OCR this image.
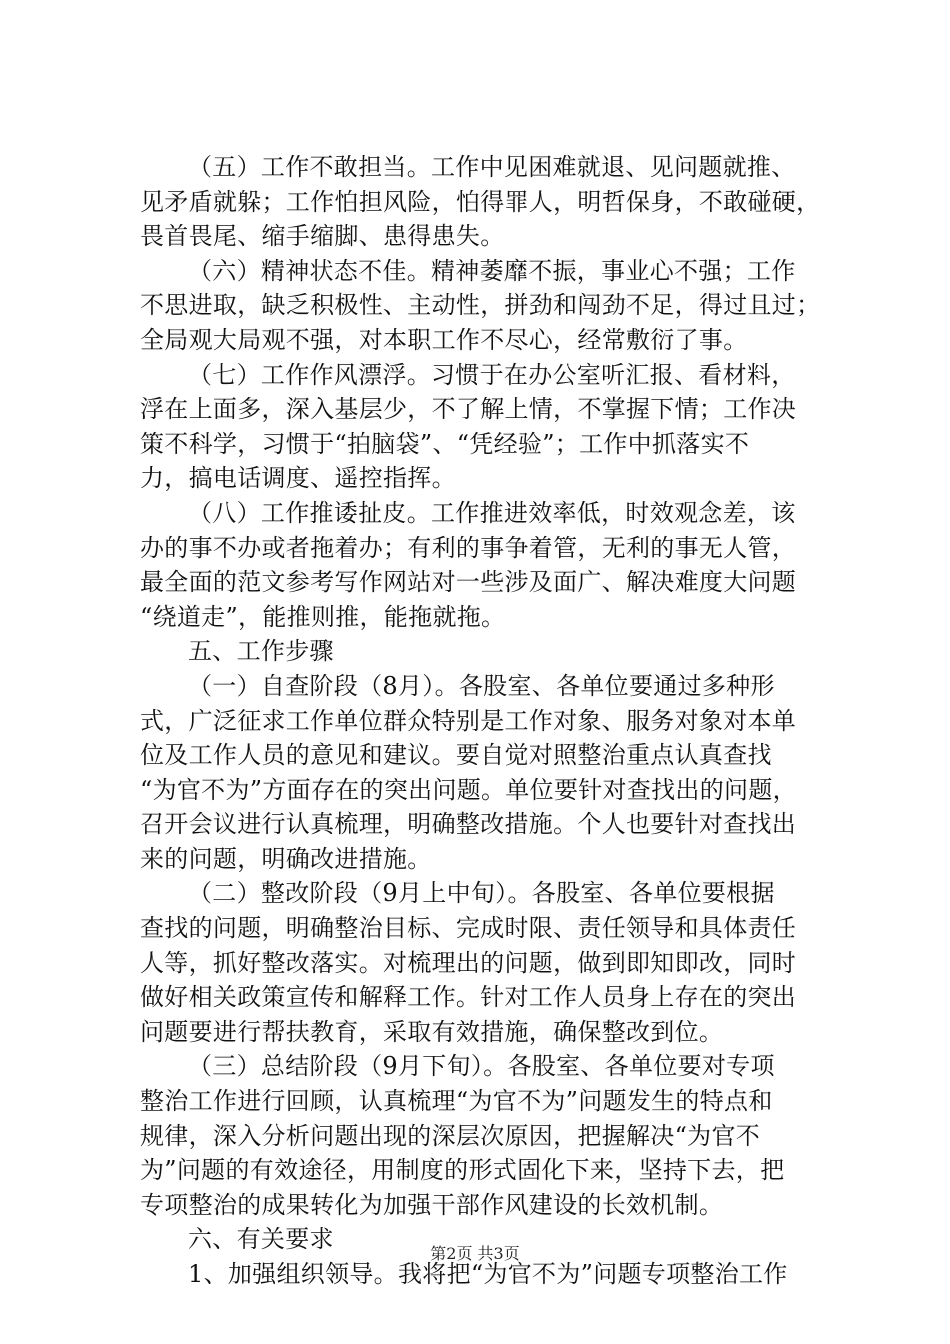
（五）工作不敢担当。工作中见困难就退、见问题就推、
见矛盾就躲；工作怕担风险，怕得罪人，明哲保身，不敢碰硬，
畏首畏尾、缩手缩脚、患得患失。
（六）精神状态不佳。精神萎靡不振，事业心不强；工作
不思进取，缺乏积极性、主动性，拼劲和闯劲不足，得过且过；
全局观大局观不强，对本职工作不尽心，经常敷衍了事。
（七）工作作风漂浮。习惯于在办公室听汇报、看材料，
浮在上面多，深入基层少，不了解上情，不掌握下情；工作决
策不科学，习惯于“拍脑袋”、“凭经验”；工作中抓落实不
力，搞电话调度、遥控指挥。
（八）工作推诿扯皮。工作推进效率低，时效观念差，该
办的事不办或者拖着办；有利的事争着管，无利的事无人管，
最全面的范文参考写作网站对一些涉及面广、解决难度大问题
“绕道走”，能推则推，能拖就拖。
五、工作步骤
（一）自查阶段（8月）。各股室、各单位要通过多种形
式，广泛征求工作单位群众特别是工作对象、服务对象对本单
位及工作人员的意见和建议。要自觉对照整治重点认真查找
“为官不为”方面存在的突出问题。单位要针对查找出的问题，
召开会议进行认真梳理，明确整改措施。个人也要针对查找出
来的问题，明确改进措施。
（二）整改阶段（9月上中旬）。各股室、各单位要根据
查找的问题，明确整治目标、完成时限、责任领导和具体责任
人等，抓好整改落实。对梳理出的问题，做到即知即改，同时
做好相关政策宣传和解释工作。针对工作人员身上存在的突出
问题要进行帮扶教育，采取有效措施，确保整改到位。
（三）总结阶段（9月下旬）。各股室、各单位要对专项
整治工作进行回顾，认真梳理“为官不为”问题发生的特点和
规律，深入分析问题出现的深层次原因，把握解决“为官不
为”问题的有效途径，用制度的形式固化下来，坚持下去，把
专项整治的成果转化为加强干部作风建设的长效机制。
六、有关要求
1、加强组织领导。我将把“为官不为”问题专项整治工作
第2页 共3页
